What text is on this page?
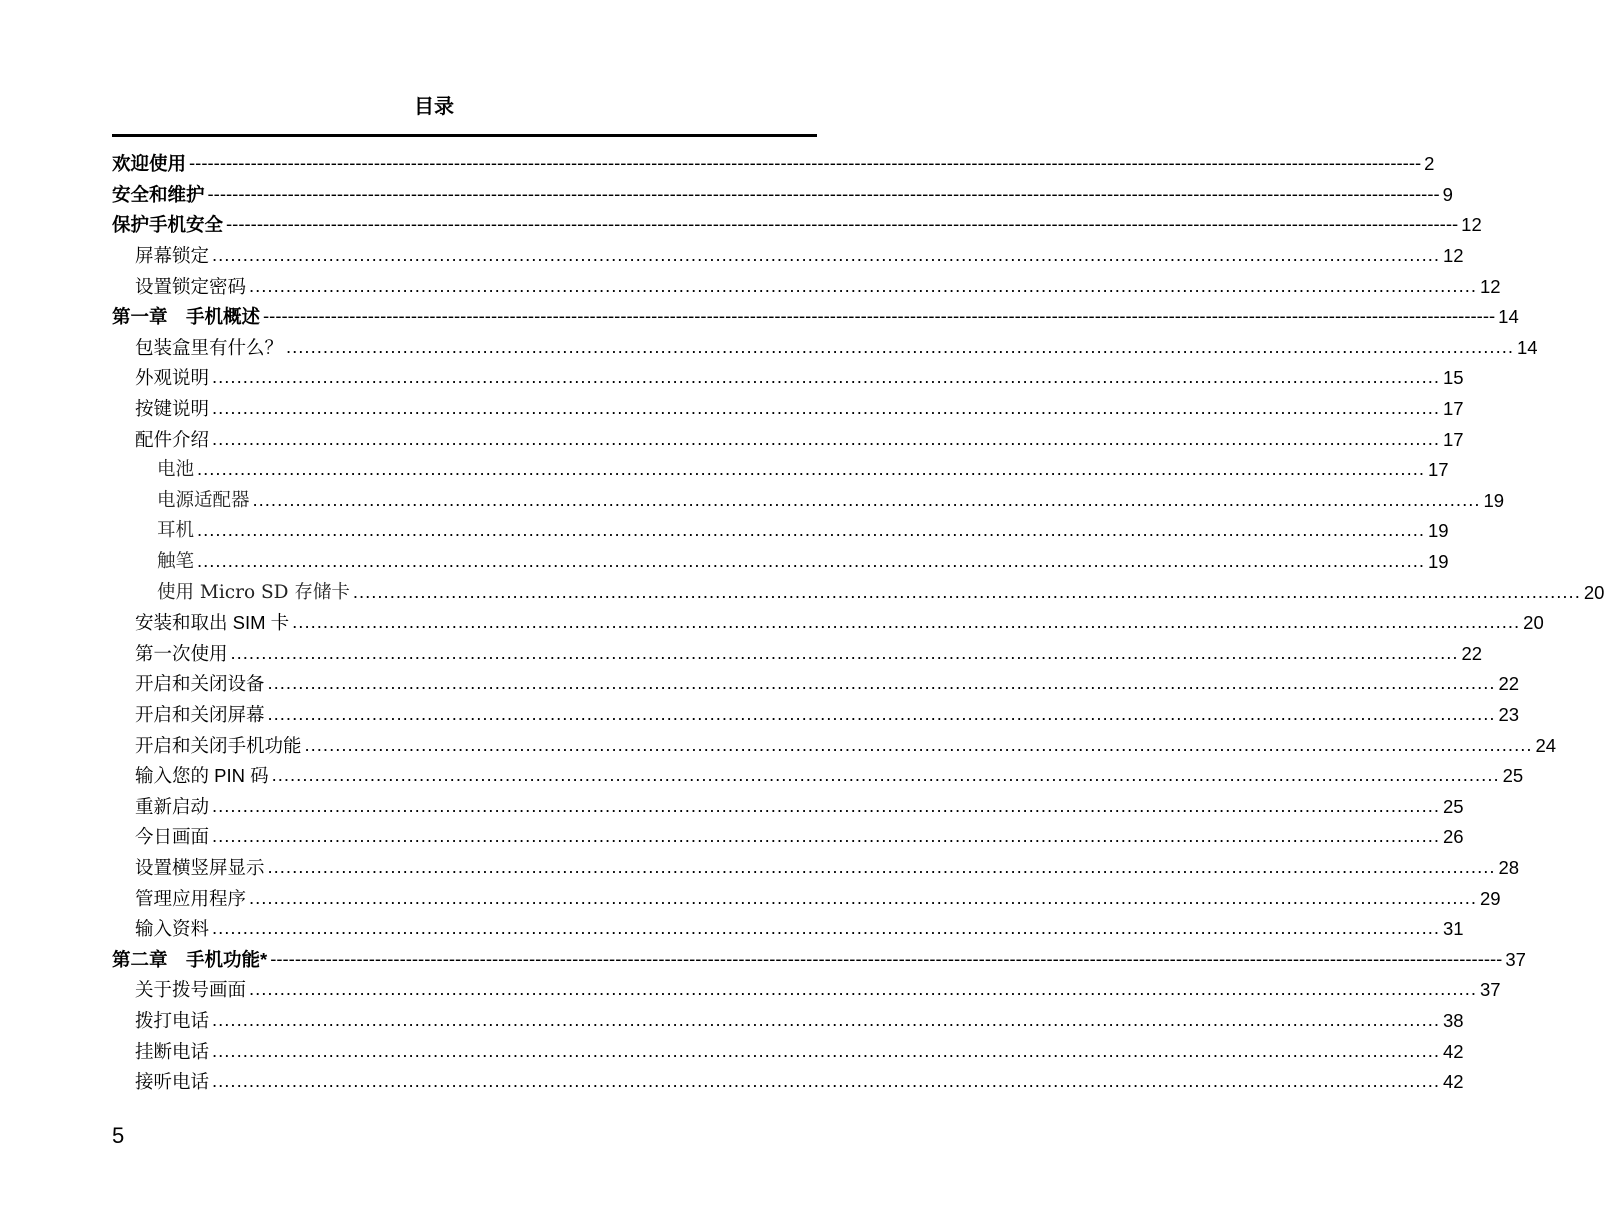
目录
欢迎使用 -------------------------------------------------------------------------------------------------------------------------------------------------------------------------------------------------------- 2
安全和维护 -------------------------------------------------------------------------------------------------------------------------------------------------------------------------------------------------------- 9
保护手机安全 -------------------------------------------------------------------------------------------------------------------------------------------------------------------------------------------------------- 12
屏幕锁定 ........................................................................................................................................................................................................ 12
设置锁定密码 ........................................................................................................................................................................................................ 12
第一章　手机概述 -------------------------------------------------------------------------------------------------------------------------------------------------------------------------------------------------------- 14
包装盒里有什么？ ........................................................................................................................................................................................................ 14
外观说明 ........................................................................................................................................................................................................ 15
按键说明 ........................................................................................................................................................................................................ 17
配件介绍 ........................................................................................................................................................................................................ 17
电池 ........................................................................................................................................................................................................ 17
电源适配器 ........................................................................................................................................................................................................ 19
耳机 ........................................................................................................................................................................................................ 19
触笔 ........................................................................................................................................................................................................ 19
使用 Micro SD 存储卡 ........................................................................................................................................................................................................ 20
安装和取出 SIM 卡 ........................................................................................................................................................................................................ 20
第一次使用 ........................................................................................................................................................................................................ 22
开启和关闭设备 ........................................................................................................................................................................................................ 22
开启和关闭屏幕 ........................................................................................................................................................................................................ 23
开启和关闭手机功能 ........................................................................................................................................................................................................ 24
输入您的 PIN 码 ........................................................................................................................................................................................................ 25
重新启动 ........................................................................................................................................................................................................ 25
今日画面 ........................................................................................................................................................................................................ 26
设置横竖屏显示 ........................................................................................................................................................................................................ 28
管理应用程序 ........................................................................................................................................................................................................ 29
输入资料 ........................................................................................................................................................................................................ 31
第二章　手机功能* -------------------------------------------------------------------------------------------------------------------------------------------------------------------------------------------------------- 37
关于拨号画面 ........................................................................................................................................................................................................ 37
拨打电话 ........................................................................................................................................................................................................ 38
挂断电话 ........................................................................................................................................................................................................ 42
接听电话 ........................................................................................................................................................................................................ 42
5
